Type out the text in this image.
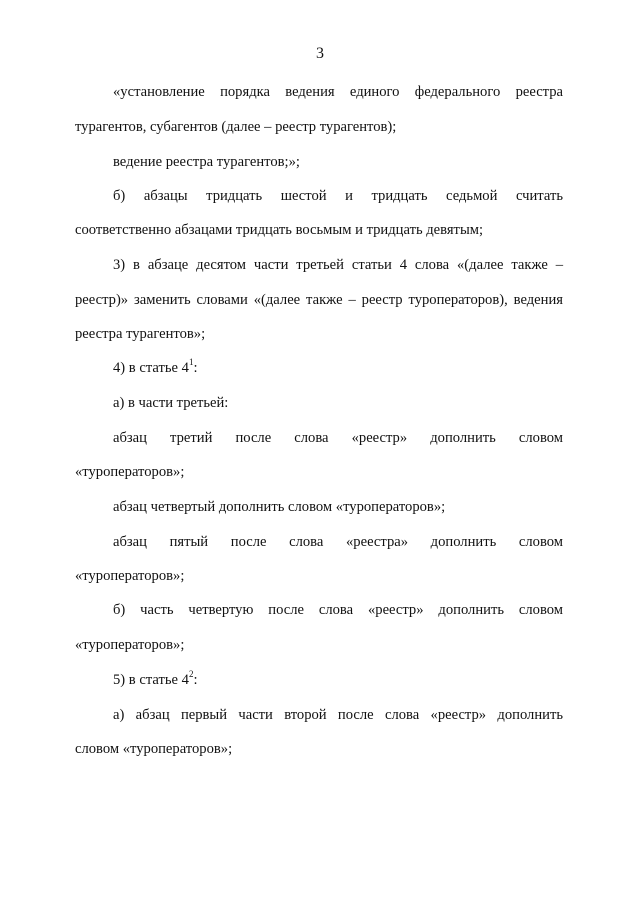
3
«установление порядка ведения единого федерального реестра
турагентов, субагентов (далее – реестр турагентов);
ведение реестра турагентов;»;
б) абзацы тридцать шестой и тридцать седьмой считать
соответственно абзацами тридцать восьмым и тридцать девятым;
3) в абзаце десятом части третьей статьи 4 слова «(далее также –
реестр)» заменить словами «(далее также – реестр туроператоров), ведения
реестра турагентов»;
4) в статье $4^1$:
а) в части третьей:
абзац третий после слова «реестр» дополнить словом
«туроператоров»;
абзац четвертый дополнить словом «туроператоров»;
абзац пятый после слова «реестра» дополнить словом
«туроператоров»;
б) часть четвертую после слова «реестр» дополнить словом
«туроператоров»;
5) в статье $4^2$:
а) абзац первый части второй после слова «реестр» дополнить
словом «туроператоров»;
